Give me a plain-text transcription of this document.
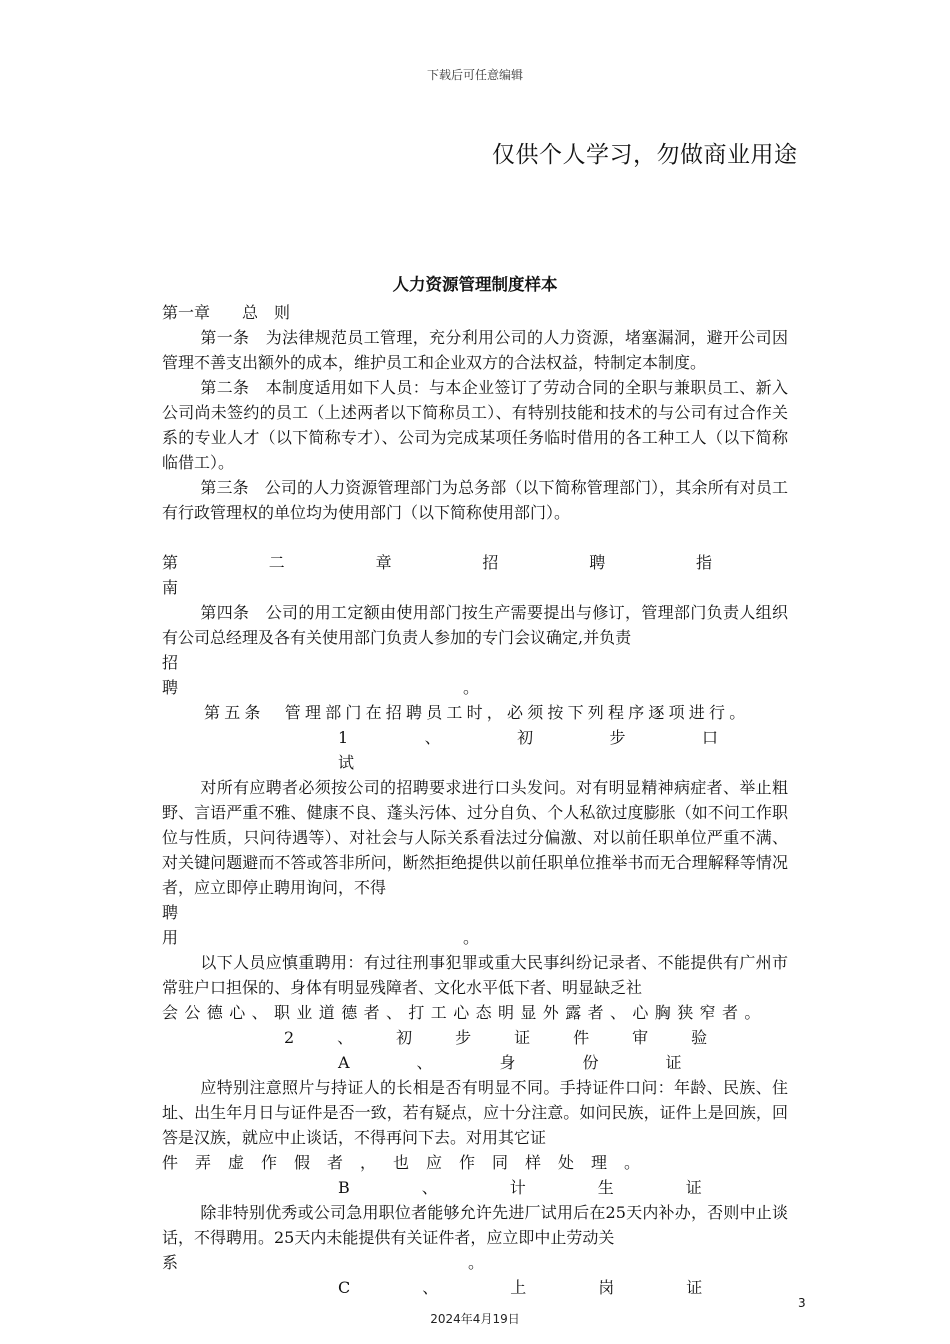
下载后可任意编辑
仅供个人学习，勿做商业用途
人力资源管理制度样本

第一章　　总　则

第一条　为法律规范员工管理，充分利用公司的人力资源，堵塞漏洞，避开公司因管理不善支出额外的成本，维护员工和企业双方的合法权益，特制定本制度。

第二条　本制度适用如下人员：与本企业签订了劳动合同的全职与兼职员工、新入公司尚未签约的员工（上述两者以下简称员工）、有特别技能和技术的与公司有过合作关系的专业人才（以下简称专才）、公司为完成某项任务临时借用的各工种工人（以下简称临借工）。

第三条　公司的人力资源管理部门为总务部（以下简称管理部门），其余所有对员工有行政管理权的单位均为使用部门（以下简称使用部门）。

第二章招聘指南

第四条　公司的用工定额由使用部门按生产需要提出与修订，管理部门负责人组织有公司总经理及各有关使用部门负责人参加的专门会议确定,并负责

招聘。

第五条　管理部门在招聘员工时，必须按下列程序逐项进行。

1、初步口试

对所有应聘者必须按公司的招聘要求进行口头发问。对有明显精神病症者、举止粗野、言语严重不雅、健康不良、蓬头污体、过分自负、个人私欲过度膨胀（如不问工作职位与性质，只问待遇等）、对社会与人际关系看法过分偏激、对以前任职单位严重不满、对关键问题避而不答或答非所问，断然拒绝提供以前任职单位推举书而无合理解释等情况者，应立即停止聘用询问，不得

聘用。

以下人员应慎重聘用：有过往刑事犯罪或重大民事纠纷记录者、不能提供有广州市常驻户口担保的、身体有明显残障者、文化水平低下者、明显缺乏社

会公德心、职业道德者、打工心态明显外露者、心胸狭窄者。

2、初步证件审验

A、身份证

应特别注意照片与持证人的长相是否有明显不同。手持证件口问：年龄、民族、住址、出生年月日与证件是否一致，若有疑点，应十分注意。如问民族，证件上是回族，回答是汉族，就应中止谈话，不得再问下去。对用其它证

件弄虚作假者，也应作同样处理。

B、计生证

除非特别优秀或公司急用职位者能够允许先进厂试用后在25天内补办，否则中止谈话，不得聘用。25天内未能提供有关证件者，应立即中止劳动关

系。

C、上岗证

3
2024年4月19日
